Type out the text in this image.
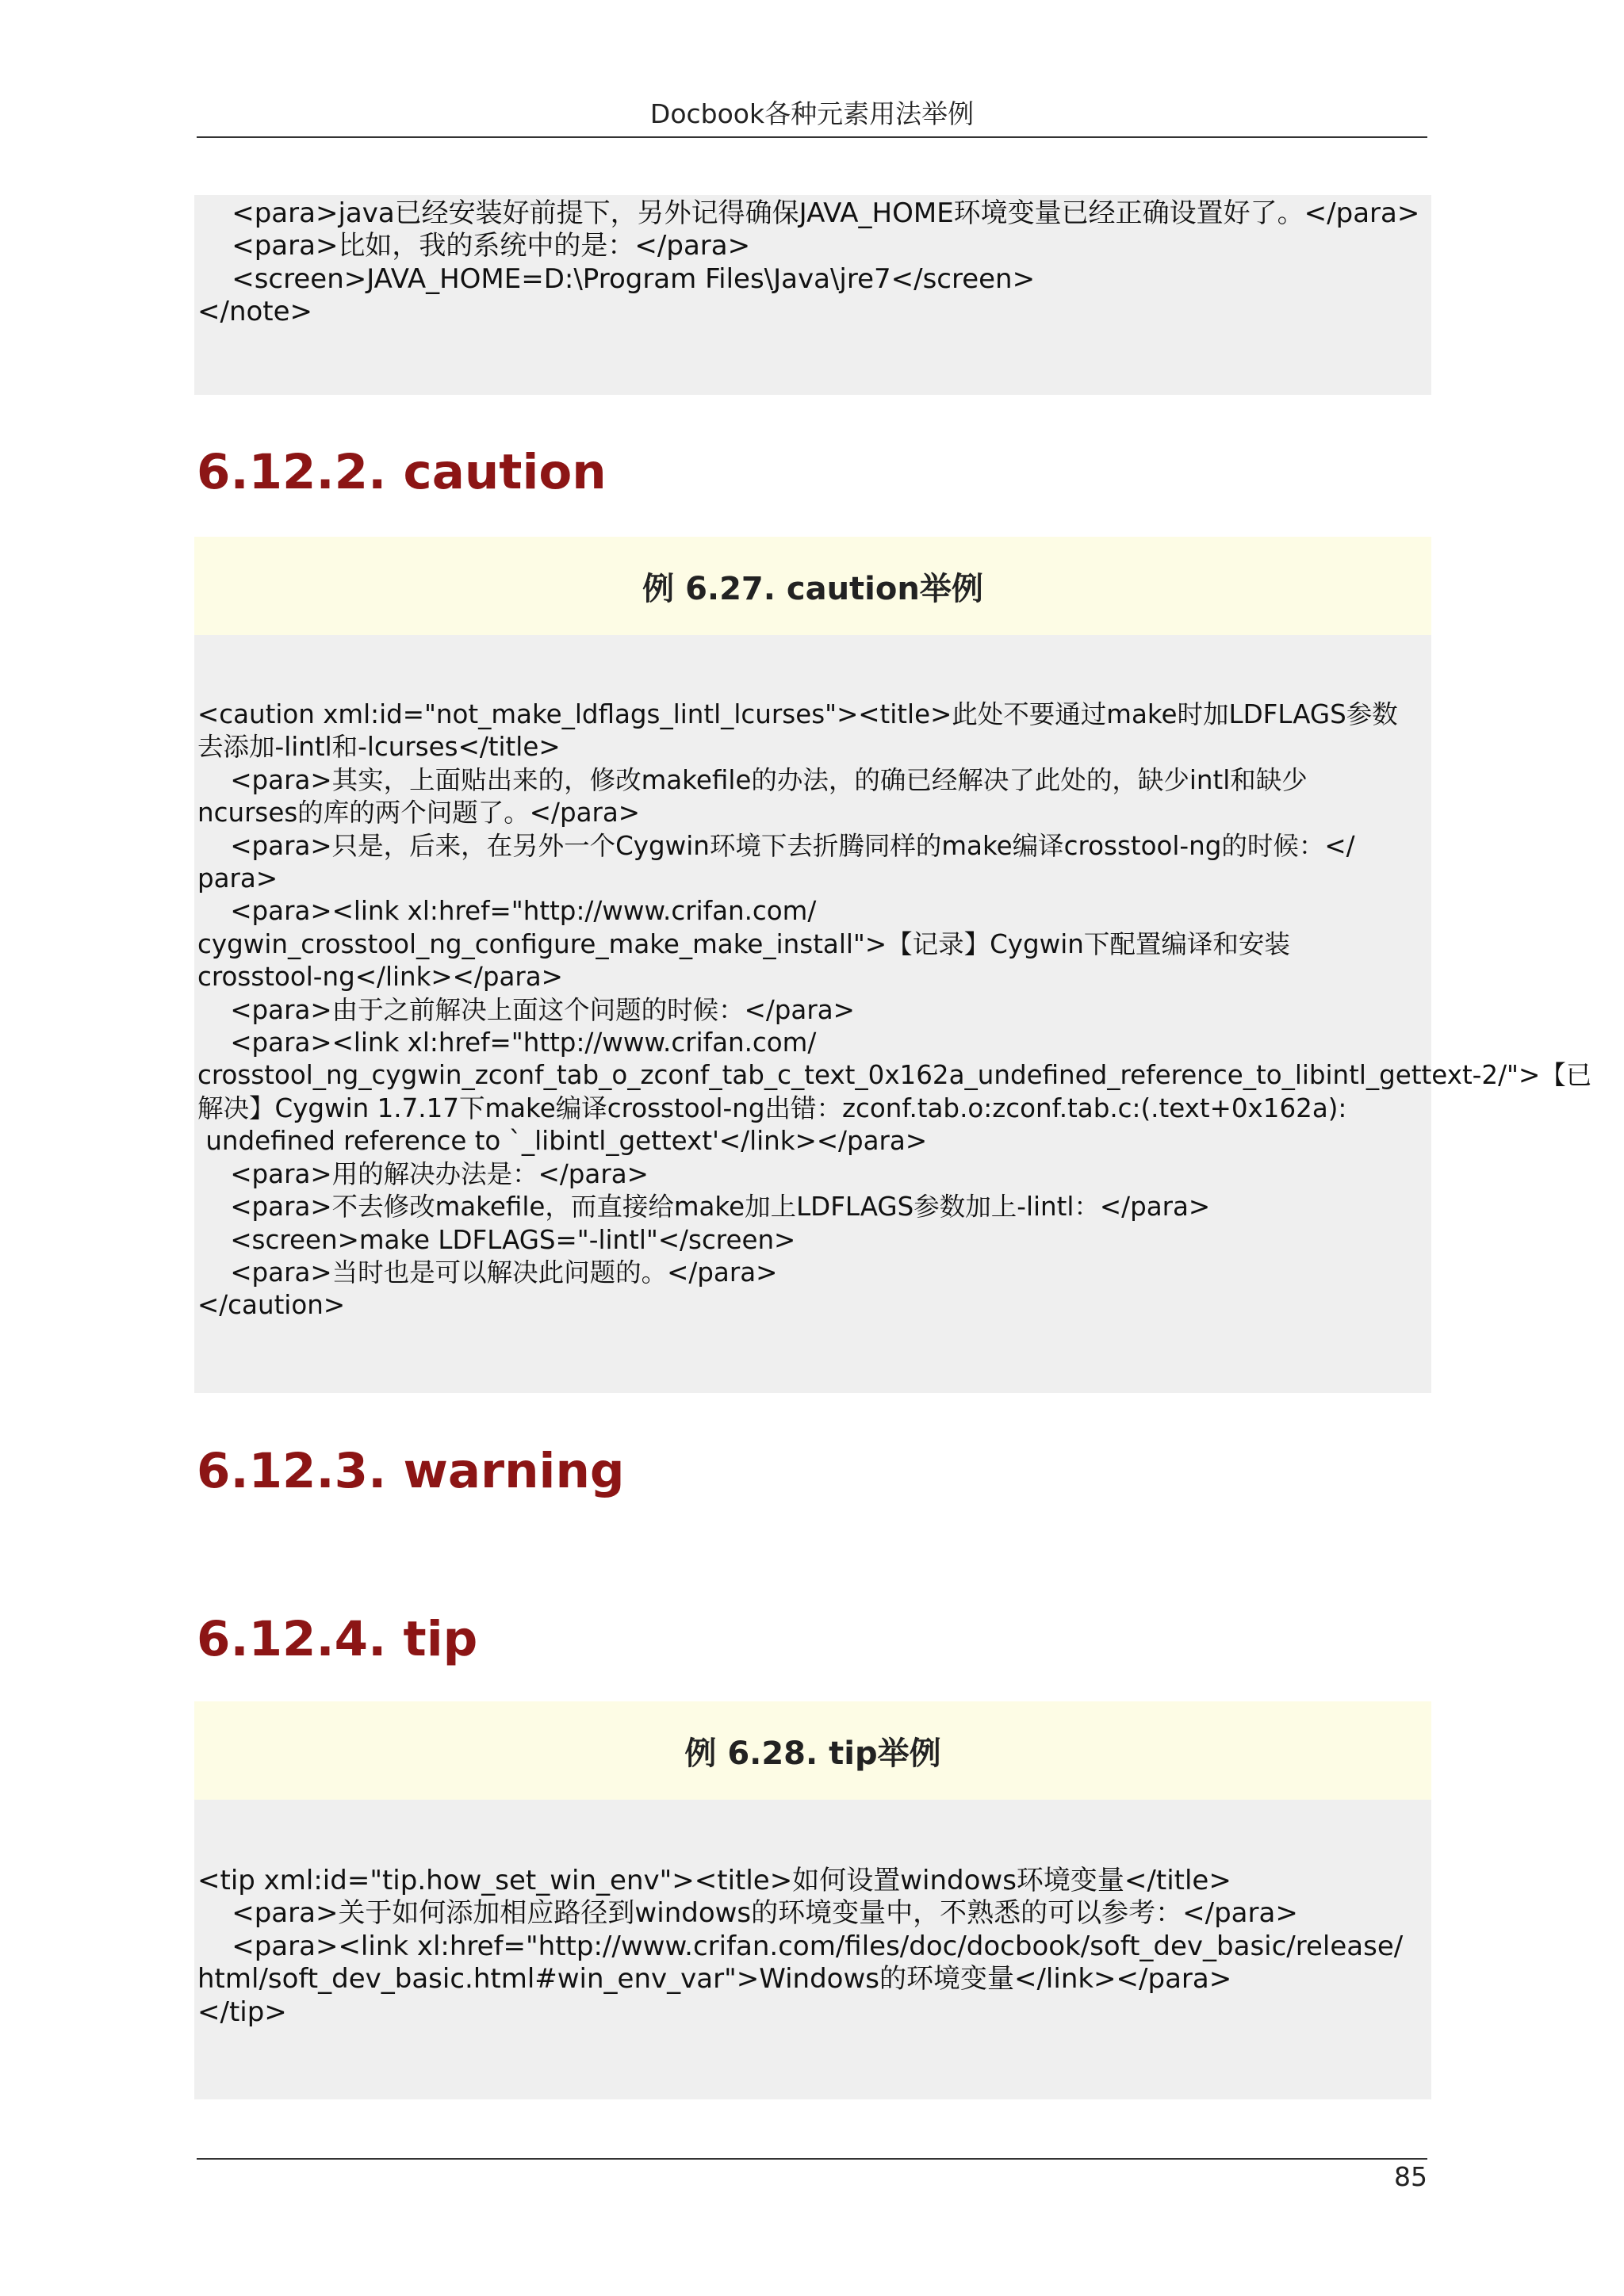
Docbook各种元素用法举例
<para>java已经安装好前提下，另外记得确保JAVA_HOME环境变量已经正确设置好了。</para>
<para>比如，我的系统中的是：</para>
<screen>JAVA_HOME=D:\Program Files\Java\jre7</screen>
</note>
6.12.2. caution
例 6.27. caution举例
<caution xml:id="not_make_ldflags_lintl_lcurses"><title>此处不要通过make时加LDFLAGS参数
去添加-lintl和-lcurses</title>
<para>其实，上面贴出来的，修改makefile的办法，的确已经解决了此处的，缺少intl和缺少
ncurses的库的两个问题了。</para>
<para>只是，后来，在另外一个Cygwin环境下去折腾同样的make编译crosstool-ng的时候：</
para>
<para><link xl:href="http://www.crifan.com/
cygwin_crosstool_ng_configure_make_make_install">【记录】Cygwin下配置编译和安装
crosstool-ng</link></para>
<para>由于之前解决上面这个问题的时候：</para>
<para><link xl:href="http://www.crifan.com/
crosstool_ng_cygwin_zconf_tab_o_zconf_tab_c_text_0x162a_undefined_reference_to_libintl_gettext-2/">【已
解决】Cygwin 1.7.17下make编译crosstool-ng出错：zconf.tab.o:zconf.tab.c:(.text+0x162a):
undefined reference to `_libintl_gettext'</link></para>
<para>用的解决办法是：</para>
<para>不去修改makefile，而直接给make加上LDFLAGS参数加上-lintl：</para>
<screen>make LDFLAGS="-lintl"</screen>
<para>当时也是可以解决此问题的。</para>
</caution>
6.12.3. warning
6.12.4. tip
例 6.28. tip举例
<tip xml:id="tip.how_set_win_env"><title>如何设置windows环境变量</title>
<para>关于如何添加相应路径到windows的环境变量中，不熟悉的可以参考：</para>
<para><link xl:href="http://www.crifan.com/files/doc/docbook/soft_dev_basic/release/
html/soft_dev_basic.html#win_env_var">Windows的环境变量</link></para>
</tip>
85
